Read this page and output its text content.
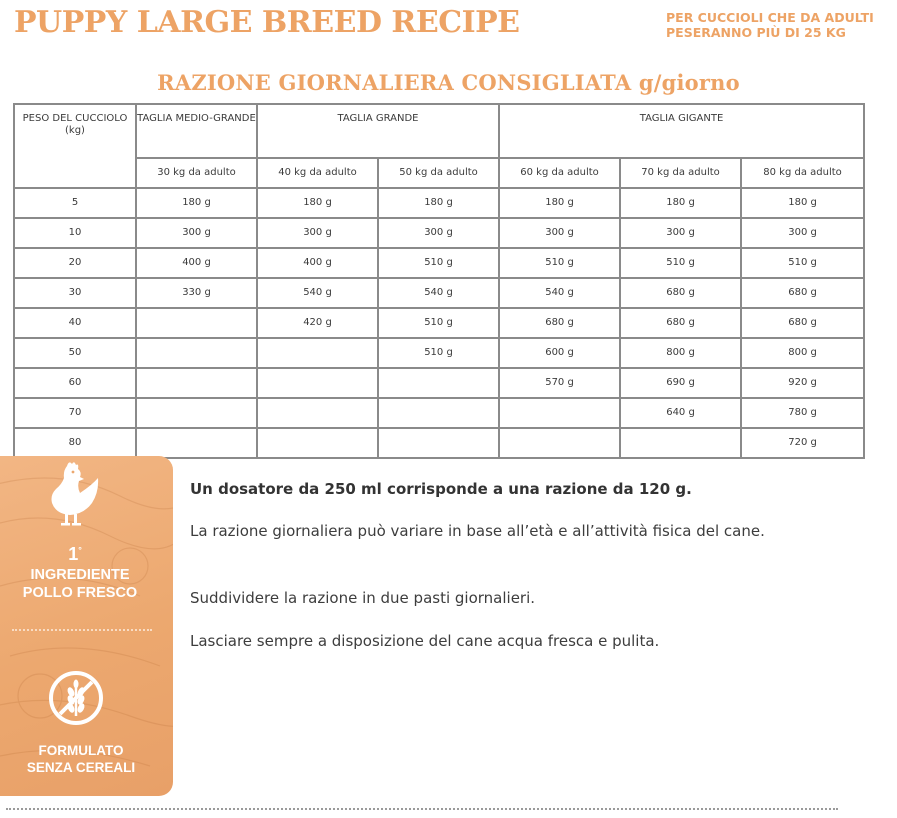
PUPPY LARGE BREED RECIPE	PER CUCCIOLI CHE DA ADULTI
PESERANNO PIÙ DI 25 KG
RAZIONE GIORNALIERA CONSIGLIATA g/giorno
PESO DEL CUCCIOLO (kg)	TAGLIA MEDIO-GRANDE	TAGLIA GRANDE		TAGLIA GIGANTE		
	30 kg da adulto	40 kg da adulto	50 kg da adulto	60 kg da adulto	70 kg da adulto	80 kg da adulto
5	180 g	180 g	180 g	180 g	180 g	180 g
10	300 g	300 g	300 g	300 g	300 g	300 g
20	400 g	400 g	510 g	510 g	510 g	510 g
30	330 g	540 g	540 g	540 g	680 g	680 g
40		420 g	510 g	680 g	680 g	680 g
50			510 g	600 g	800 g	800 g
60				570 g	690 g	920 g
70					640 g	780 g
80						720 g
1°
INGREDIENTE
POLLO FRESCO
FORMULATO
SENZA CEREALI

Un dosatore da 250 ml corrisponde a una razione da 120 g.

La razione giornaliera può variare in base all’età e all’attività fisica del cane.

Suddividere la razione in due pasti giornalieri.

Lasciare sempre a disposizione del cane acqua fresca e pulita.
